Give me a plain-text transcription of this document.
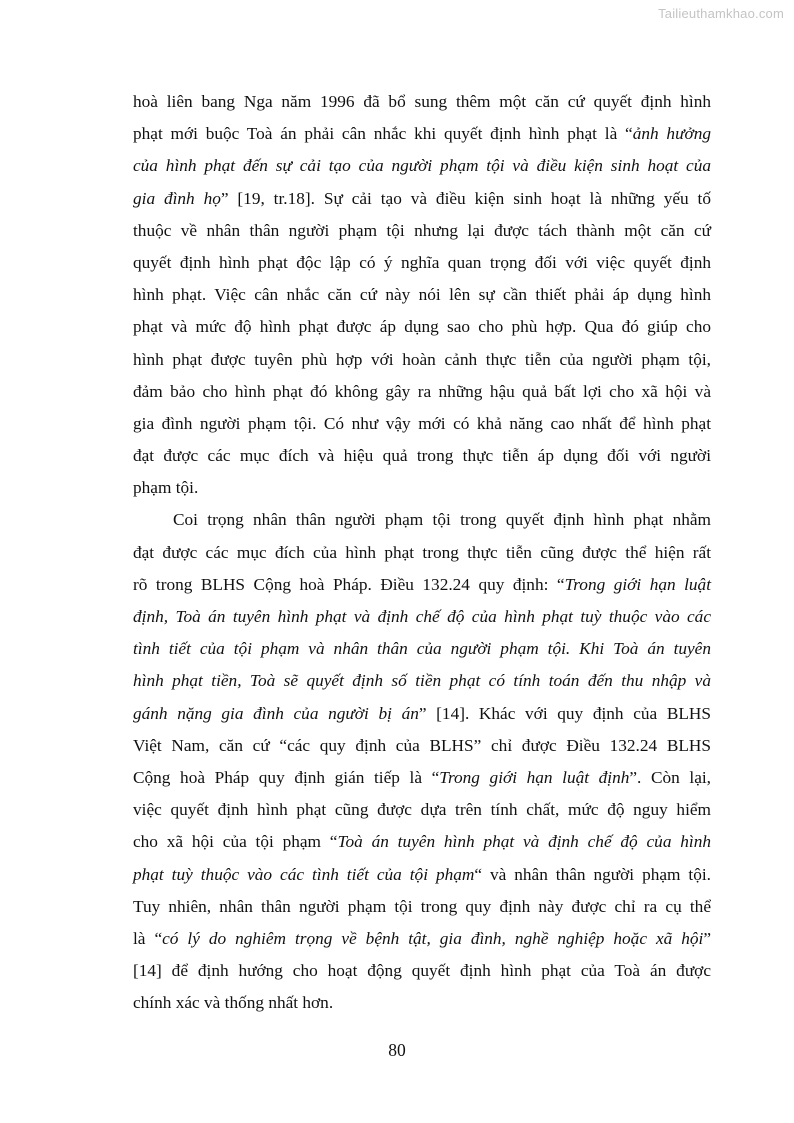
Tailieuthamkhao.com
hoà liên bang Nga năm 1996 đã bổ sung thêm một căn cứ quyết định hình
phạt mới buộc Toà án phải cân nhắc khi quyết định hình phạt là “ảnh hưởng
của hình phạt đến sự cải tạo của người phạm tội và điều kiện sinh hoạt của
gia đình họ” [19, tr.18]. Sự cải tạo và điều kiện sinh hoạt là những yếu tố
thuộc về nhân thân người phạm tội nhưng lại được tách thành một căn cứ
quyết định hình phạt độc lập có ý nghĩa quan trọng đối với việc quyết định
hình phạt. Việc cân nhắc căn cứ này nói lên sự cần thiết phải áp dụng hình
phạt và mức độ hình phạt được áp dụng sao cho phù hợp. Qua đó giúp cho
hình phạt được tuyên phù hợp với hoàn cảnh thực tiễn của người phạm tội,
đảm bảo cho hình phạt đó không gây ra những hậu quả bất lợi cho xã hội và
gia đình người phạm tội. Có như vậy mới có khả năng cao nhất để hình phạt
đạt được các mục đích và hiệu quả trong thực tiễn áp dụng đối với người
phạm tội.
Coi trọng nhân thân người phạm tội trong quyết định hình phạt nhằm
đạt được các mục đích của hình phạt trong thực tiễn cũng được thể hiện rất
rõ trong BLHS Cộng hoà Pháp. Điều 132.24 quy định: “Trong giới hạn luật
định, Toà án tuyên hình phạt và định chế độ của hình phạt tuỳ thuộc vào các
tình tiết của tội phạm và nhân thân của người phạm tội. Khi Toà án tuyên
hình phạt tiền, Toà sẽ quyết định số tiền phạt có tính toán đến thu nhập và
gánh nặng gia đình của người bị án” [14]. Khác với quy định của BLHS
Việt Nam, căn cứ “các quy định của BLHS” chỉ được Điều 132.24 BLHS
Cộng hoà Pháp quy định gián tiếp là “Trong giới hạn luật định”. Còn lại,
việc quyết định hình phạt cũng được dựa trên tính chất, mức độ nguy hiểm
cho xã hội của tội phạm “Toà án tuyên hình phạt và định chế độ của hình
phạt tuỳ thuộc vào các tình tiết của tội phạm“ và nhân thân người phạm tội.
Tuy nhiên, nhân thân người phạm tội trong quy định này được chỉ ra cụ thể
là “có lý do nghiêm trọng về bệnh tật, gia đình, nghề nghiệp hoặc xã hội”
[14] để định hướng cho hoạt động quyết định hình phạt của Toà án được
chính xác và thống nhất hơn.
80
